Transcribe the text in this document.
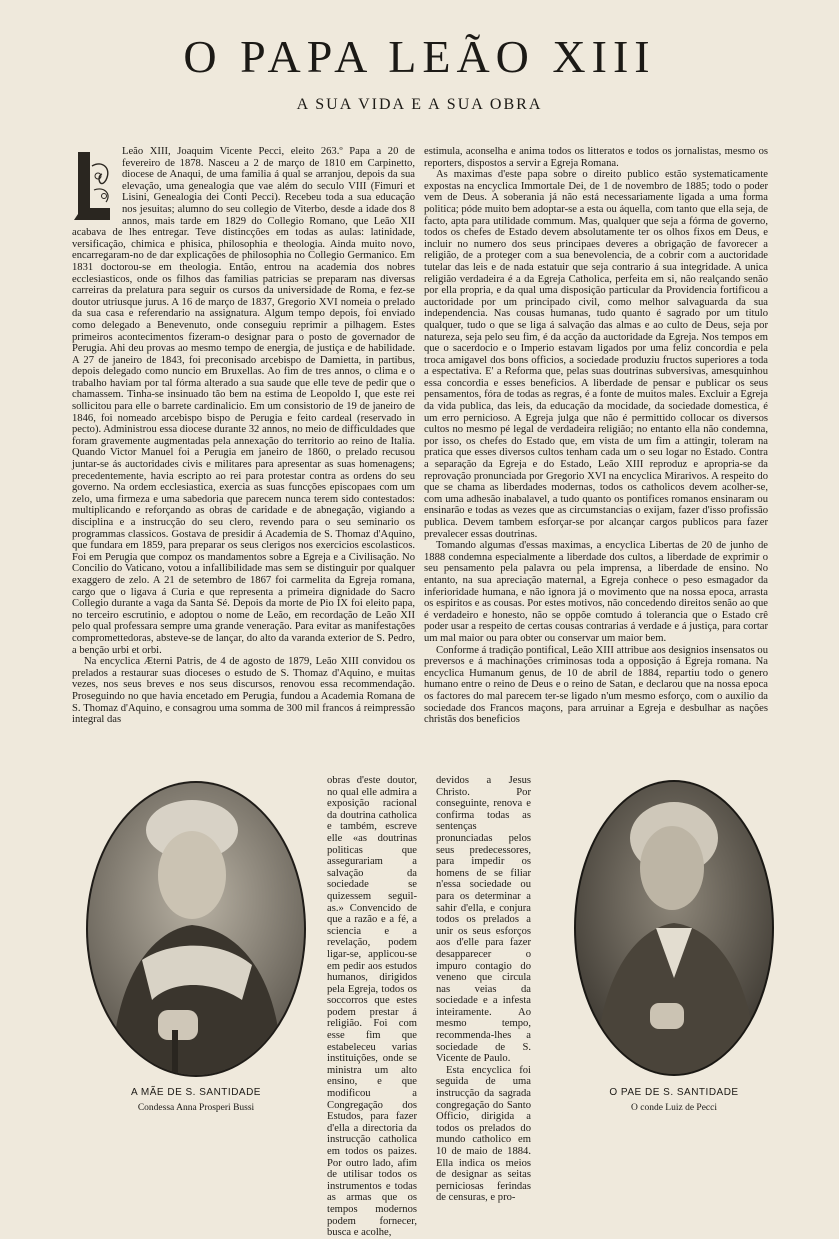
O PAPA LEÃO XIII
A SUA VIDA E A SUA OBRA

Leão XIII, Joaquim Vicente Pecci, eleito 263.º Papa a 20 de fevereiro de 1878. Nasceu a 2 de março de 1810 em Carpinetto, diocese de Anaqui, de uma familia á qual se arranjou, depois da sua elevação, uma genealogia que vae além do seculo VIII (Fimuri et Lisini, Genealogia dei Conti Pecci). Recebeu toda a sua educação nos jesuitas; alumno do seu collegio de Viterbo, desde a idade dos 8 annos, mais tarde em 1829 do Collegio Romano, que Leão XII acabava de lhes entregar. Teve distincções em todas as aulas: latinidade, versificação, chimica e phisica, philosophia e theologia. Ainda muito novo, encarregaram-no de dar explicações de philosophia no Collegio Germanico. Em 1831 doctorou-se em theologia. Então, entrou na academia dos nobres ecclesiasticos, onde os filhos das familias patricias se preparam nas diversas carreiras da prelatura para seguir os cursos da universidade de Roma, e fez-se doutor utriusque jurus. A 16 de março de 1837, Gregorio XVI nomeia o prelado da sua casa e referendario na assignatura. Algum tempo depois, foi enviado como delegado a Benevenuto, onde conseguiu reprimir a pilhagem. Estes primeiros acontecimentos fizeram-o designar para o posto de governador de Perugia. Ahi deu provas ao mesmo tempo de energia, de justiça e de habilidade. A 27 de janeiro de 1843, foi preconisado arcebispo de Damietta, in partibus, depois delegado como nuncio em Bruxellas. Ao fim de tres annos, o clima e o trabalho haviam por tal fórma alterado a sua saude que elle teve de pedir que o chamassem. Tinha-se insinuado tão bem na estima de Leopoldo I, que este rei sollicitou para elle o barrete cardinalicio. Em um consistorio de 19 de janeiro de 1846, foi nomeado arcebispo bispo de Perugia e feito cardeal (reservado in pecto). Administrou essa diocese durante 32 annos, no meio de difficuldades que foram gravemente augmentadas pela annexação do territorio ao reino de Italia. Quando Victor Manuel foi a Perugia em janeiro de 1860, o prelado recusou juntar-se ás auctoridades civis e militares para apresentar as suas homenagens; precedentemente, havia escripto ao rei para protestar contra as ordens do seu governo. Na ordem ecclesiastica, exercia as suas funcções episcopaes com um zelo, uma firmeza e uma sabedoria que parecem nunca terem sido contestados: multiplicando e reforçando as obras de caridade e de abnegação, vigiando a disciplina e a instrucção do seu clero, revendo para o seu seminario os programmas classicos. Gostava de presidir á Academia de S. Thomaz d'Aquino, que fundara em 1859, para preparar os seus clerigos nos exercicios escolasticos. Foi em Perugia que compoz os mandamentos sobre a Egreja e a Civilisação. No Concilio do Vaticano, votou a infallibilidade mas sem se distinguir por qualquer exaggero de zelo. A 21 de setembro de 1867 foi carmelita da Egreja romana, cargo que o ligava á Curia e que representa a primeira dignidade do Sacro Collegio durante a vaga da Santa Sé. Depois da morte de Pio IX foi eleito papa, no terceiro escrutinio, e adoptou o nome de Leão, em recordação de Leão XII pelo qual professara sempre uma grande veneração. Para evitar as manifestações compromettedoras, absteve-se de lançar, do alto da varanda exterior de S. Pedro, a benção urbi et orbi.

Na encyclica Æterni Patris, de 4 de agosto de 1879, Leão XIII convidou os prelados a restaurar suas dioceses o estudo de S. Thomaz d'Aquino, e muitas vezes, nos seus breves e nos seus discursos, renovou essa recommendação. Proseguindo no que havia encetado em Perugia, fundou a Academia Romana de S. Thomaz d'Aquino, e consagrou uma somma de 300 mil francos á reimpressão integral das

obras d'este doutor, no qual elle admira a exposição racional da doutrina catholica e também, escreve elle «as doutrinas politicas que assegurariam a salvação da sociedade se quizessem seguil-as.» Convencido de que a razão e a fé, a sciencia e a revelação, podem ligar-se, applicou-se em pedir aos estudos humanos, dirigidos pela Egreja, todos os soccorros que estes podem prestar á religião. Foi com esse fim que estabeleceu varias instituições, onde se ministra um alto ensino, e que modificou a Congregação dos Estudos, para fazer d'ella a directoria da instrucção catholica em todos os paizes. Por outro lado, afim de utilisar todos os instrumentos e todas as armas que os tempos modernos podem fornecer, busca e acolhe,

estimula, aconselha e anima todos os litteratos e todos os jornalistas, mesmo os reporters, dispostos a servir a Egreja Romana.

As maximas d'este papa sobre o direito publico estão systematicamente expostas na encyclica Immortale Dei, de 1 de novembro de 1885; todo o poder vem de Deus. A soberania já não está necessariamente ligada a uma forma politica; póde muito bem adoptar-se a esta ou áquella, com tanto que ella seja, de facto, apta para utilidade commum. Mas, qualquer que seja a fórma de governo, todos os chefes de Estado devem absolutamente ter os olhos fixos em Deus, e incluir no numero dos seus principaes deveres a obrigação de favorecer a religião, de a proteger com a sua benevolencia, de a cobrir com a auctoridade tutelar das leis e de nada estatuir que seja contrario á sua integridade. A unica religião verdadeira é a da Egreja Catholica, perfeita em si, não realçando senão por ella propria, e da qual uma disposição particular da Providencia fortificou a auctoridade por um principado civil, como melhor salvaguarda da sua independencia. Nas cousas humanas, tudo quanto é sagrado por um titulo qualquer, tudo o que se liga á salvação das almas e ao culto de Deus, seja por natureza, seja pelo seu fim, é da acção da auctoridade da Egreja. Nos tempos em que o sacerdocio e o Imperio estavam ligados por uma feliz concordia e pela troca amigavel dos bons officios, a sociedade produziu fructos superiores a toda a espectativa. E' a Reforma que, pelas suas doutrinas subversivas, amesquinhou essa concordia e esses beneficios. A liberdade de pensar e publicar os seus pensamentos, fóra de todas as regras, é a fonte de muitos males. Excluir a Egreja da vida publica, das leis, da educação da mocidade, da sociedade domestica, é um erro pernicioso. A Egreja julga que não é permittido collocar os diversos cultos no mesmo pé legal de verdadeira religião; no entanto ella não condemna, por isso, os chefes do Estado que, em vista de um fim a attingir, toleram na pratica que esses diversos cultos tenham cada um o seu logar no Estado. Contra a separação da Egreja e do Estado, Leão XIII reproduz e apropria-se da reprovação pronunciada por Gregorio XVI na encyclica Mirarivos. A respeito do que se chama as liberdades modernas, todos os catholicos devem acolher-se, com uma adhesão inabalavel, a tudo quanto os pontifices romanos ensinaram ou ensinarão e todas as vezes que as circumstancias o exijam, fazer d'isso profissão publica. Devem tambem esforçar-se por alcançar cargos publicos para fazer prevalecer essas doutrinas.

Tomando algumas d'essas maximas, a encyclica Libertas de 20 de junho de 1888 condemna especialmente a liberdade dos cultos, a liberdade de exprimir o seu pensamento pela palavra ou pela imprensa, a liberdade de ensino. No entanto, na sua apreciação maternal, a Egreja conhece o peso esmagador da inferioridade humana, e não ignora já o movimento que na nossa epoca, arrasta os espiritos e as cousas. Por estes motivos, não concedendo direitos senão ao que é verdadeiro e honesto, não se oppõe comtudo á tolerancia que o Estado crê poder usar a respeito de certas cousas contrarias á verdade e á justiça, para cortar um mal maior ou para obter ou conservar um maior bem.

Conforme á tradição pontifical, Leão XIII attribue aos designios insensatos ou preversos e á machinações criminosas toda a opposição á Egreja romana. Na encyclica Humanum genus, de 10 de abril de 1884, repartiu todo o genero humano entre o reino de Deus e o reino de Satan, e declarou que na nossa epoca os factores do mal parecem ter-se ligado n'um mesmo esforço, com o auxilio da sociedade dos Francos maçons, para arruinar a Egreja e desbulhar as nações christãs dos beneficios

devidos a Jesus Christo. Por conseguinte, renova e confirma todas as sentenças pronunciadas pelos seus predecessores, para impedir os homens de se filiar n'essa sociedade ou para os determinar a sahir d'ella, e conjura todos os prelados a unir os seus esforços aos d'elle para fazer desapparecer o impuro contagio do veneno que circula nas veias da sociedade e a infesta inteiramente. Ao mesmo tempo, recommenda-lhes a sociedade de S. Vicente de Paulo.

Esta encyclica foi seguida de uma instrucção da sagrada congregação do Santo Officio, dirigida a todos os prelados do mundo catholico em 10 de maio de 1884. Ella indica os meios de designar as seitas perniciosas ferindas de censuras, e pro-

A MÃE DE S. SANTIDADE
Condessa Anna Prosperi Bussi
O PAE DE S. SANTIDADE
O conde Luiz de Pecci
